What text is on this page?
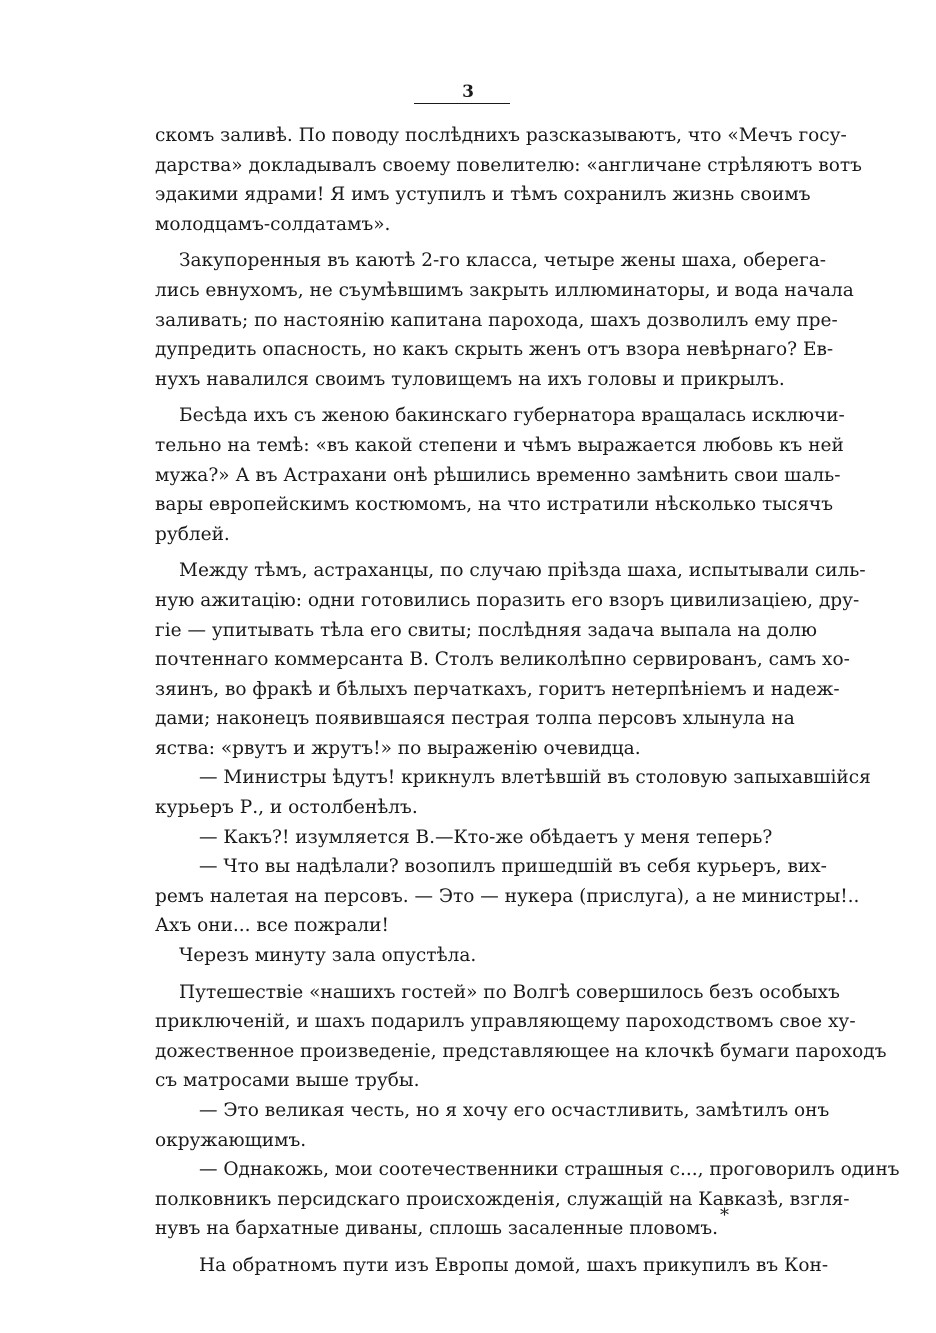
3
скомъ заливѣ. По поводу послѣднихъ разсказываютъ, что «Мечъ госу-
дарства» докладывалъ своему повелителю: «англичане стрѣляютъ вотъ
эдакими ядрами! Я имъ уступилъ и тѣмъ сохранилъ жизнь своимъ
молодцамъ-солдатамъ».
Закупоренныя въ каютѣ 2-го класса, четыре жены шаха, оберега-
лись евнухомъ, не съумѣвшимъ закрыть иллюминаторы, и вода начала
заливать; по настоянію капитана парохода, шахъ дозволилъ ему пре-
дупредить опасность, но какъ скрыть женъ отъ взора невѣрнаго? Ев-
нухъ навалился своимъ туловищемъ на ихъ головы и прикрылъ.
Бесѣда ихъ съ женою бакинскаго губернатора вращалась исключи-
тельно на темѣ: «въ какой степени и чѣмъ выражается любовь къ ней
мужа?» А въ Астрахани онѣ рѣшились временно замѣнить свои шаль-
вары европейскимъ костюмомъ, на что истратили нѣсколько тысячъ
рублей.
Между тѣмъ, астраханцы, по случаю пріѣзда шаха, испытывали силь-
ную ажитацію: одни готовились поразить его взоръ цивилизаціею, дру-
гіе — упитывать тѣла его свиты; послѣдняя задача выпала на долю
почтеннаго коммерсанта В. Столъ великолѣпно сервированъ, самъ хо-
зяинъ, во фракѣ и бѣлыхъ перчаткахъ, горитъ нетерпѣніемъ и надеж-
дами; наконецъ появившаяся пестрая толпа персовъ хлынула на
яства: «рвутъ и жрутъ!» по выраженію очевидца.
— Министры ѣдутъ! крикнулъ влетѣвшій въ столовую запыхавшійся
курьеръ Р., и остолбенѣлъ.
— Какъ?! изумляется В.—Кто-же обѣдаетъ у меня теперь?
— Что вы надѣлали? возопилъ пришедшій въ себя курьеръ, вих-
ремъ налетая на персовъ. — Это — нукера (прислуга), а не министры!..
Ахъ они... все пожрали!
Черезъ минуту зала опустѣла.
Путешествіе «нашихъ гостей» по Волгѣ совершилось безъ особыхъ
приключеній, и шахъ подарилъ управляющему пароходствомъ свое ху-
дожественное произведеніе, представляющее на клочкѣ бумаги пароходъ
съ матросами выше трубы.
— Это великая честь, но я хочу его осчастливить, замѣтилъ онъ
окружающимъ.
— Однакожь, мои соотечественники страшныя с..., проговорилъ одинъ
полковникъ персидскаго происхожденія, служащій на Кавказѣ, взгля-
нувъ на бархатные диваны, сплошь засаленные пловомъ.
На обратномъ пути изъ Европы домой, шахъ прикупилъ въ Кон-
*
